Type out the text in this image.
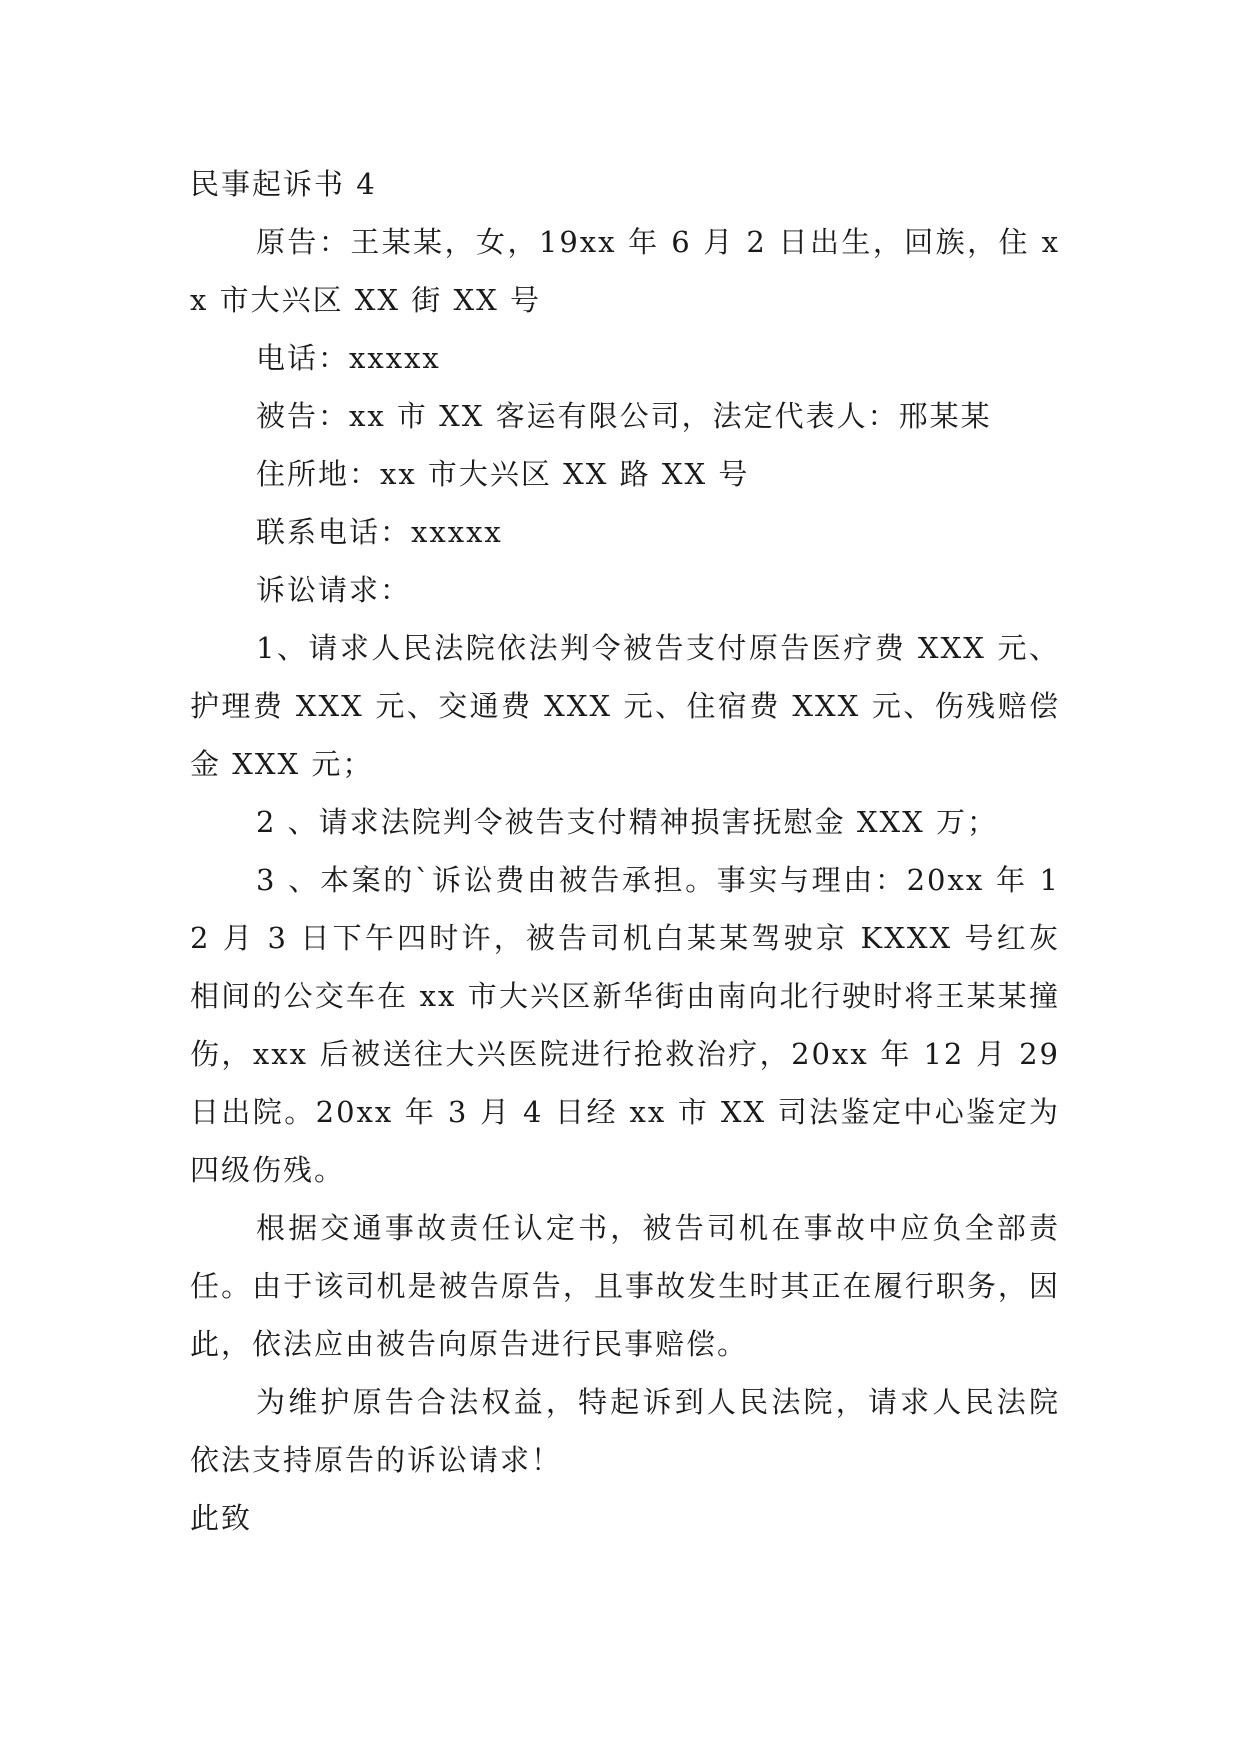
民事起诉书 4

原告：王某某，女，19xx 年 6 月 2 日出生，回族，住 xx 市大兴区 XX 街 XX 号

电话：xxxxx

被告：xx 市 XX 客运有限公司，法定代表人：邢某某

住所地：xx 市大兴区 XX 路 XX 号

联系电话：xxxxx

诉讼请求：

1、请求人民法院依法判令被告支付原告医疗费 XXX 元、护理费 XXX 元、交通费 XXX 元、住宿费 XXX 元、伤残赔偿金 XXX 元；

2 、请求法院判令被告支付精神损害抚慰金 XXX 万；

3 、本案的`诉讼费由被告承担。事实与理由：20xx 年 12 月 3 日下午四时许，被告司机白某某驾驶京 KXXX 号红灰相间的公交车在 xx 市大兴区新华街由南向北行驶时将王某某撞伤，xxx 后被送往大兴医院进行抢救治疗，20xx 年 12 月 29 日出院。20xx 年 3 月 4 日经 xx 市 XX 司法鉴定中心鉴定为四级伤残。

根据交通事故责任认定书，被告司机在事故中应负全部责任。由于该司机是被告原告，且事故发生时其正在履行职务，因此，依法应由被告向原告进行民事赔偿。

为维护原告合法权益，特起诉到人民法院，请求人民法院依法支持原告的诉讼请求！

此致
